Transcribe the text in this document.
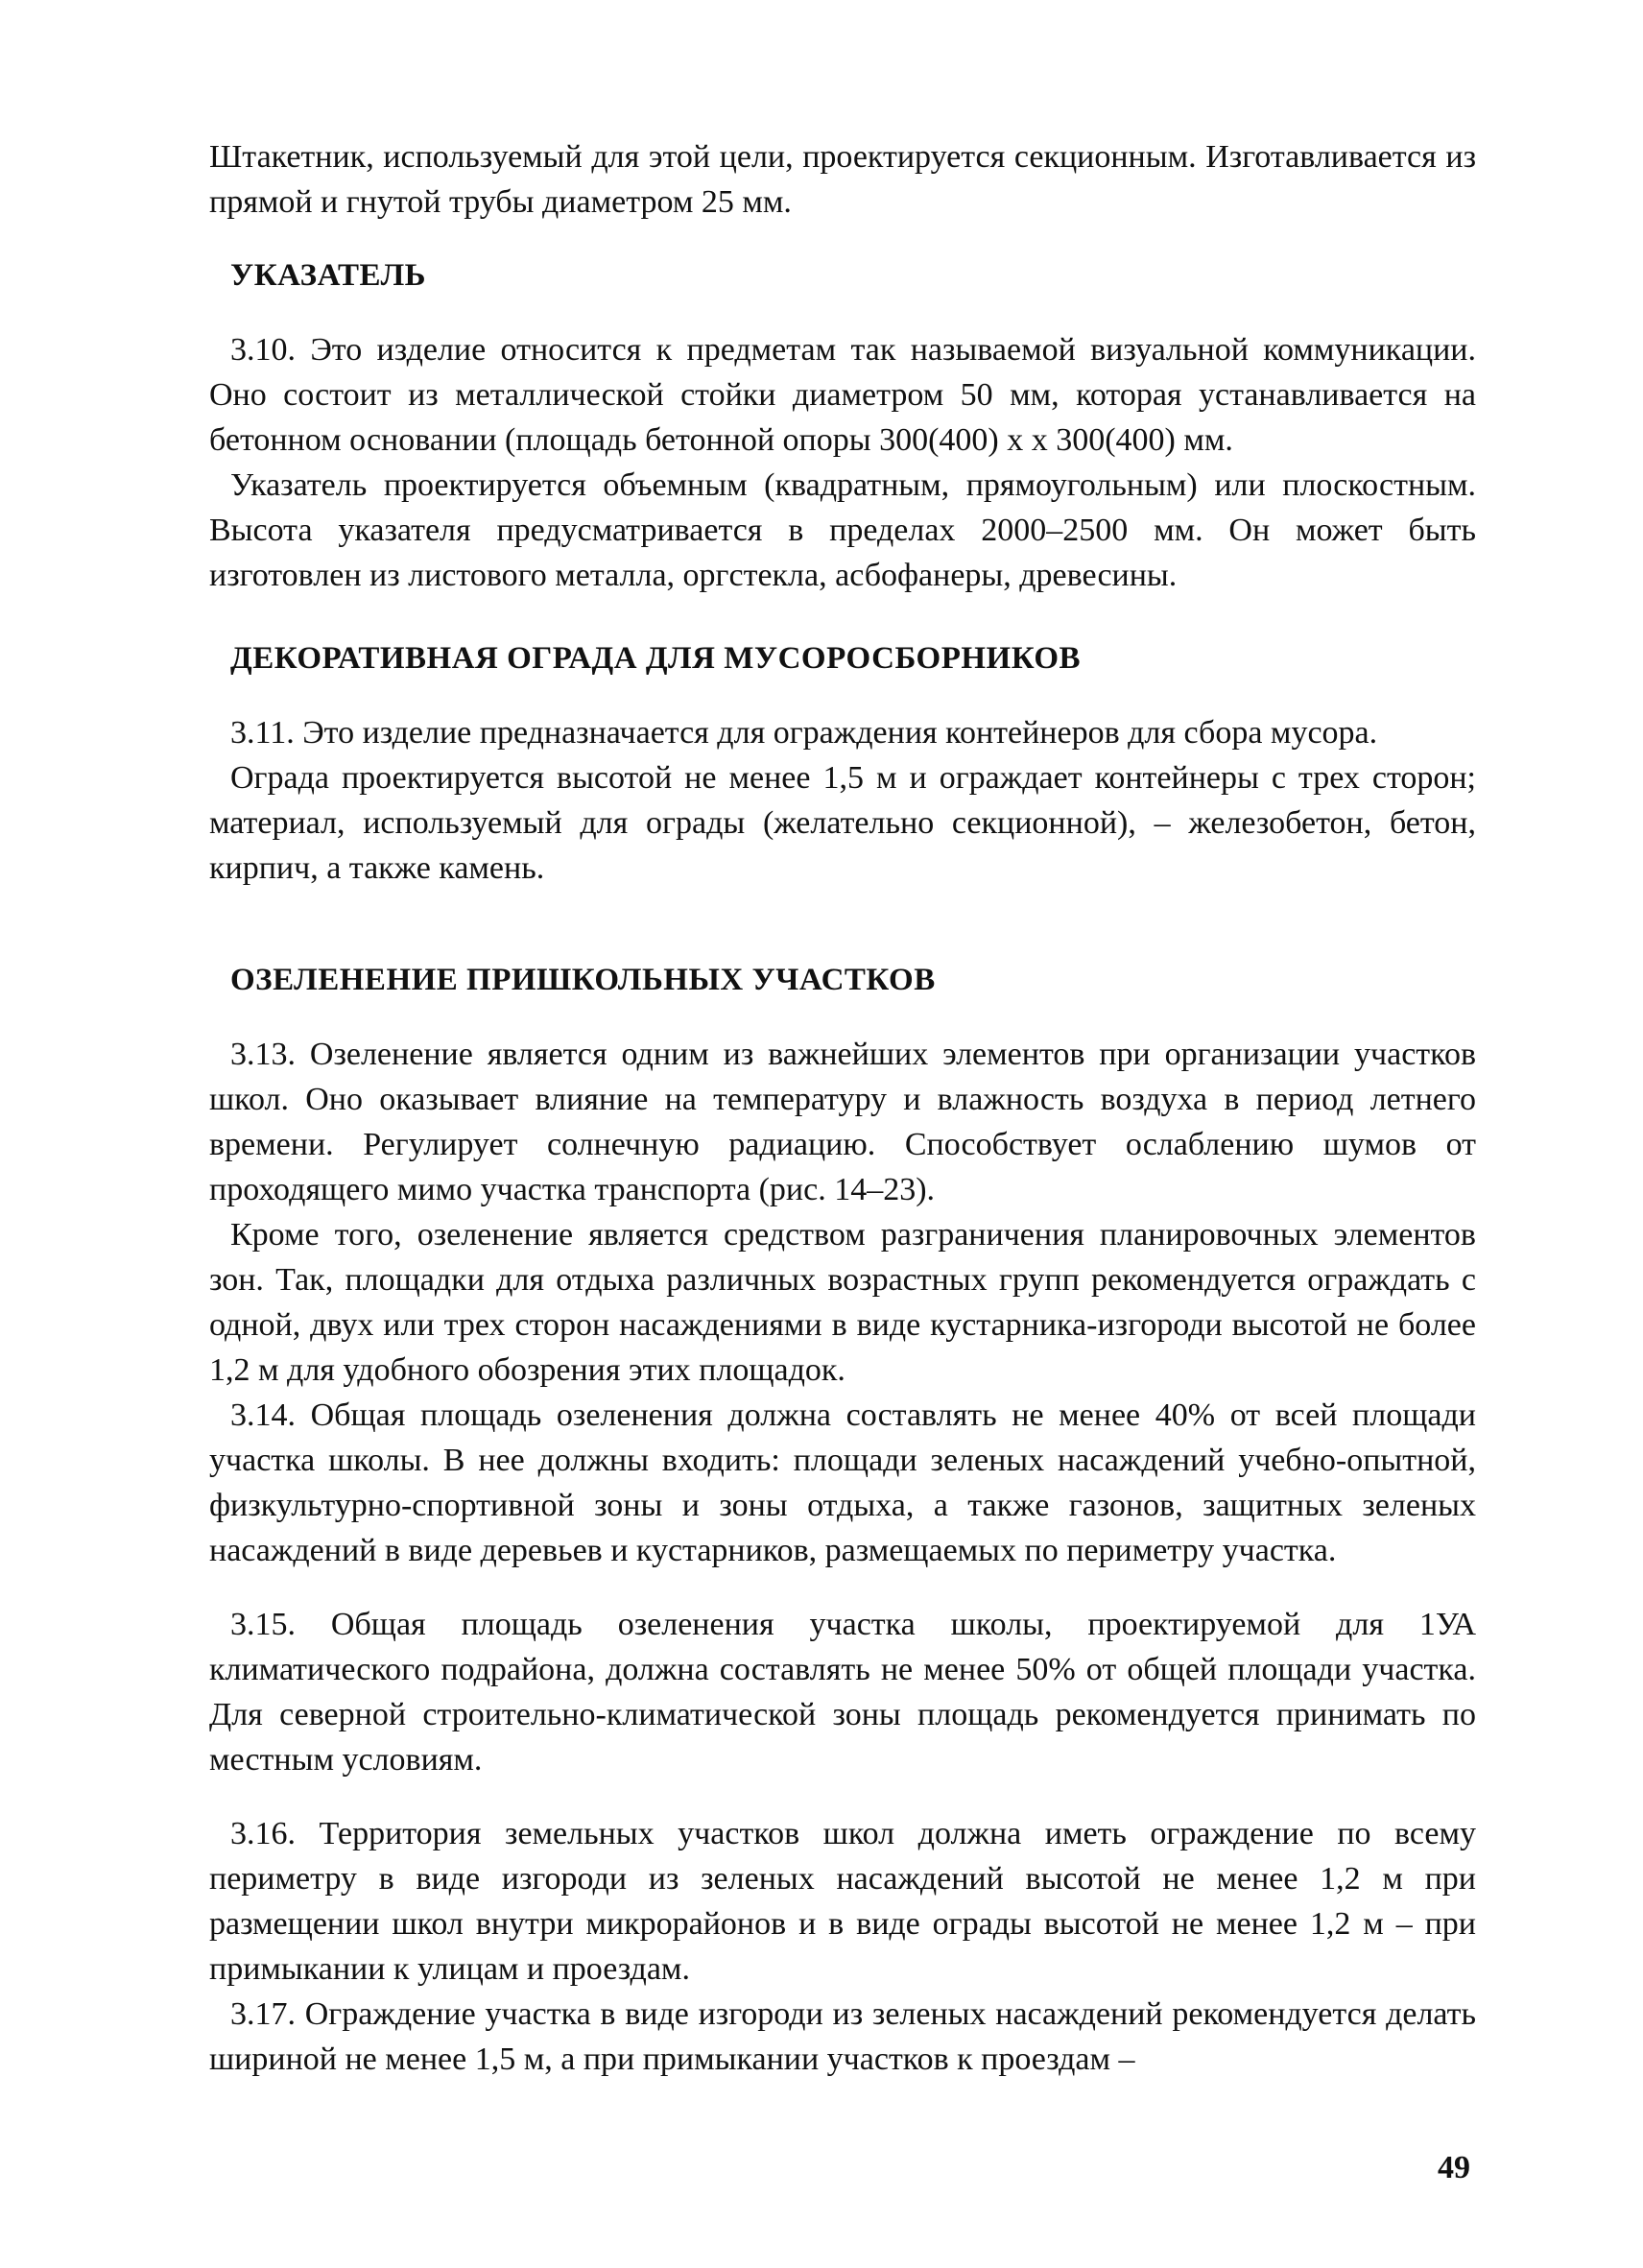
Штакетник, используемый для этой цели, проектируется секционным. Изготавливается из прямой и гнутой трубы диаметром 25 мм.

УКАЗАТЕЛЬ

3.10. Это изделие относится к предметам так называемой визуальной коммуникации. Оно состоит из металлической стойки диаметром 50 мм, которая устанавливается на бетонном основании (площадь бетонной опоры 300(400) х х 300(400) мм.

Указатель проектируется объемным (квадратным, прямоугольным) или плоскостным. Высота указателя предусматривается в пределах 2000–2500 мм. Он может быть изготовлен из листового металла, оргстекла, асбофанеры, древесины.

ДЕКОРАТИВНАЯ ОГРАДА ДЛЯ МУСОРОСБОРНИКОВ

3.11. Это изделие предназначается для ограждения контейнеров для сбора мусора.

Ограда проектируется высотой не менее 1,5 м и ограждает контейнеры с трех сторон; материал, используемый для ограды (желательно секционной), – железобетон, бетон, кирпич, а также камень.

ОЗЕЛЕНЕНИЕ ПРИШКОЛЬНЫХ УЧАСТКОВ

3.13. Озеленение является одним из важнейших элементов при организации участков школ. Оно оказывает влияние на температуру и влажность воздуха в период летнего времени. Регулирует солнечную радиацию. Способствует ослаблению шумов от проходящего мимо участка транспорта (рис. 14–23).

Кроме того, озеленение является средством разграничения планировочных элементов зон. Так, площадки для отдыха различных возрастных групп рекомендуется ограждать с одной, двух или трех сторон насаждениями в виде кустарника-изгороди высотой не более 1,2 м для удобного обозрения этих площадок.

3.14. Общая площадь озеленения должна составлять не менее 40% от всей площади участка школы. В нее должны входить: площади зеленых насаждений учебно-опытной, физкультурно-спортивной зоны и зоны отдыха, а также газонов, защитных зеленых насаждений в виде деревьев и кустарников, размещаемых по периметру участка.

3.15. Общая площадь озеленения участка школы, проектируемой для 1УА климатического подрайона, должна составлять не менее 50% от общей площади участка. Для северной строительно-климатической зоны площадь рекомендуется принимать по местным условиям.

3.16. Территория земельных участков школ должна иметь ограждение по всему периметру в виде изгороди из зеленых насаждений высотой не менее 1,2 м при размещении школ внутри микрорайонов и в виде ограды высотой не менее 1,2 м – при примыкании к улицам и проездам.

3.17. Ограждение участка в виде изгороди из зеленых насаждений рекомендуется делать шириной не менее 1,5 м, а при примыкании участков к проездам –

49
